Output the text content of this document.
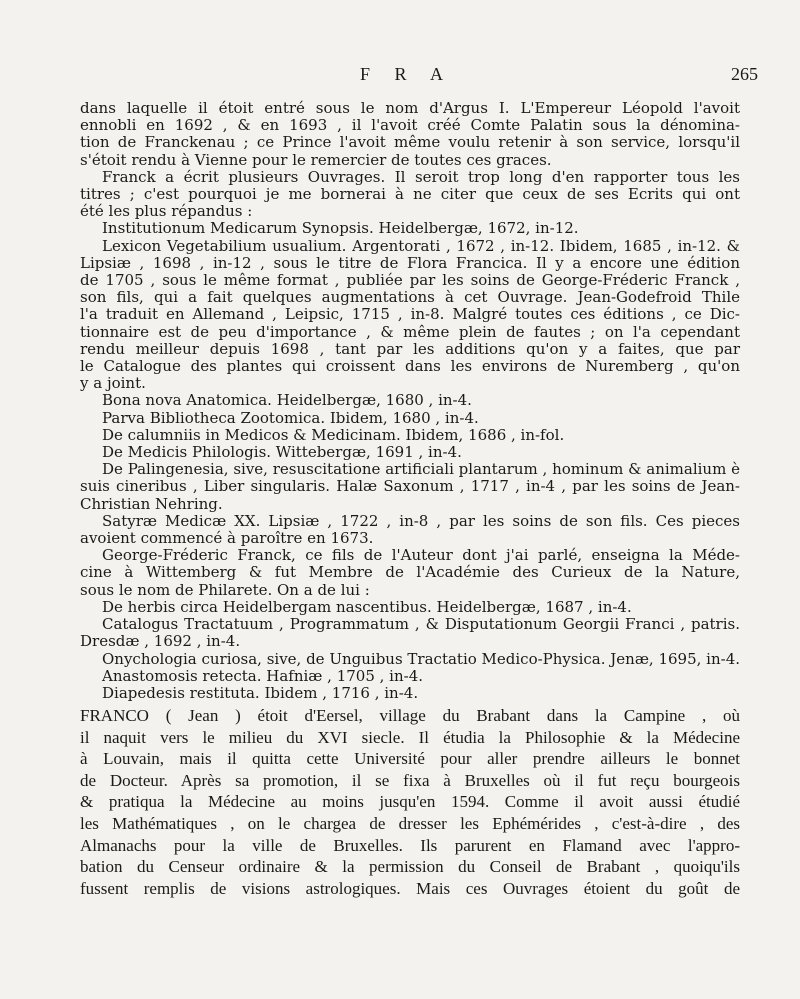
F R A	265
dans laquelle il étoit entré sous le nom d'Argus I. L'Empereur Léopold l'avoit
ennobli en 1692 , & en 1693 , il l'avoit créé Comte Palatin sous la dénomina-
tion de Franckenau ; ce Prince l'avoit même voulu retenir à son service, lorsqu'il
s'étoit rendu à Vienne pour le remercier de toutes ces graces.
Franck a écrit plusieurs Ouvrages. Il seroit trop long d'en rapporter tous les
titres ; c'est pourquoi je me bornerai à ne citer que ceux de ses Ecrits qui ont
été les plus répandus :
Institutionum Medicarum Synopsis. Heidelbergæ, 1672, in-12.
Lexicon Vegetabilium usualium. Argentorati , 1672 , in-12. Ibidem, 1685 , in-12. &
Lipsiæ , 1698 , in-12 , sous le titre de Flora Francica. Il y a encore une édition
de 1705 , sous le même format , publiée par les soins de George-Fréderic Franck ,
son fils, qui a fait quelques augmentations à cet Ouvrage. Jean-Godefroid Thile
l'a traduit en Allemand , Leipsic, 1715 , in-8. Malgré toutes ces éditions , ce Dic-
tionnaire est de peu d'importance , & même plein de fautes ; on l'a cependant
rendu meilleur depuis 1698 , tant par les additions qu'on y a faites, que par
le Catalogue des plantes qui croissent dans les environs de Nuremberg , qu'on
y a joint.
Bona nova Anatomica. Heidelbergæ, 1680 , in-4.
Parva Bibliotheca Zootomica. Ibidem, 1680 , in-4.
De calumniis in Medicos & Medicinam. Ibidem, 1686 , in-fol.
De Medicis Philologis. Wittebergæ, 1691 , in-4.
De Palingenesia, sive, resuscitatione artificiali plantarum , hominum & animalium è
suis cineribus , Liber singularis. Halæ Saxonum , 1717 , in-4 , par les soins de Jean-
Christian Nehring.
Satyræ Medicæ XX. Lipsiæ , 1722 , in-8 , par les soins de son fils. Ces pieces
avoient commencé à paroître en 1673.
George-Fréderic Franck, ce fils de l'Auteur dont j'ai parlé, enseigna la Méde-
cine à Wittemberg & fut Membre de l'Académie des Curieux de la Nature,
sous le nom de Philarete. On a de lui :
De herbis circa Heidelbergam nascentibus. Heidelbergæ, 1687 , in-4.
Catalogus Tractatuum , Programmatum , & Disputationum Georgii Franci , patris.
Dresdæ , 1692 , in-4.
Onychologia curiosa, sive, de Unguibus Tractatio Medico-Physica. Jenæ, 1695, in-4.
Anastomosis retecta. Hafniæ , 1705 , in-4.
Diapedesis restituta. Ibidem , 1716 , in-4.
FRANCO ( Jean ) étoit d'Eersel, village du Brabant dans la Campine , où
il naquit vers le milieu du XVI siecle. Il étudia la Philosophie & la Médecine
à Louvain, mais il quitta cette Université pour aller prendre ailleurs le bonnet
de Docteur. Après sa promotion, il se fixa à Bruxelles où il fut reçu bourgeois
& pratiqua la Médecine au moins jusqu'en 1594. Comme il avoit aussi étudié
les Mathématiques , on le chargea de dresser les Ephémérides , c'est-à-dire , des
Almanachs pour la ville de Bruxelles. Ils parurent en Flamand avec l'appro-
bation du Censeur ordinaire & la permission du Conseil de Brabant , quoiqu'ils
fussent remplis de visions astrologiques. Mais ces Ouvrages étoient du goût de
